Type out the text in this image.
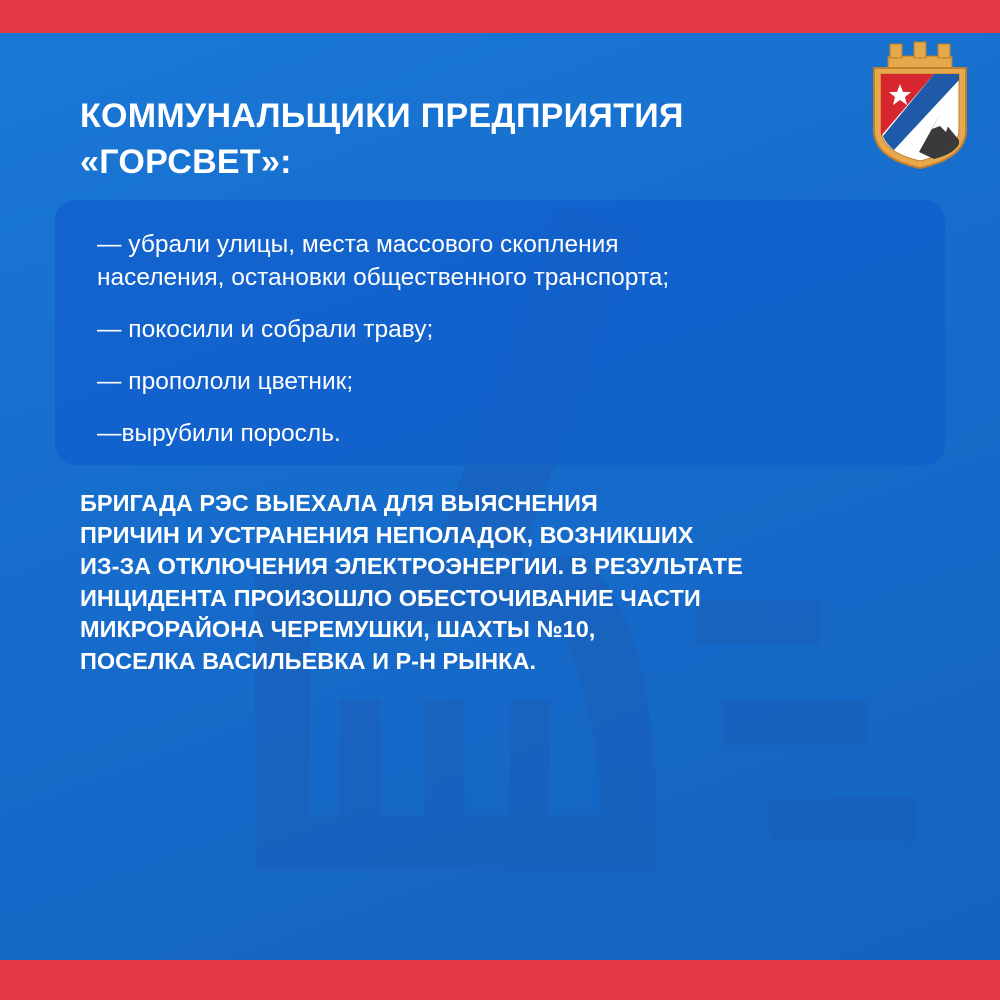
КОММУНАЛЬЩИКИ ПРЕДПРИЯТИЯ
«ГОРСВЕТ»:
— убрали улицы, места массового скопления
населения, остановки общественного транспорта;
— покосили и собрали траву;
— пропололи цветник;
—вырубили поросль.

БРИГАДА РЭС ВЫЕХАЛА ДЛЯ ВЫЯСНЕНИЯ
ПРИЧИН И УСТРАНЕНИЯ НЕПОЛАДОК, ВОЗНИКШИХ
ИЗ-ЗА ОТКЛЮЧЕНИЯ ЭЛЕКТРОЭНЕРГИИ. В РЕЗУЛЬТАТЕ
ИНЦИДЕНТА ПРОИЗОШЛО ОБЕСТОЧИВАНИЕ ЧАСТИ
МИКРОРАЙОНА ЧЕРЕМУШКИ, ШАХТЫ №10,
ПОСЕЛКА ВАСИЛЬЕВКА И Р-Н РЫНКА.
